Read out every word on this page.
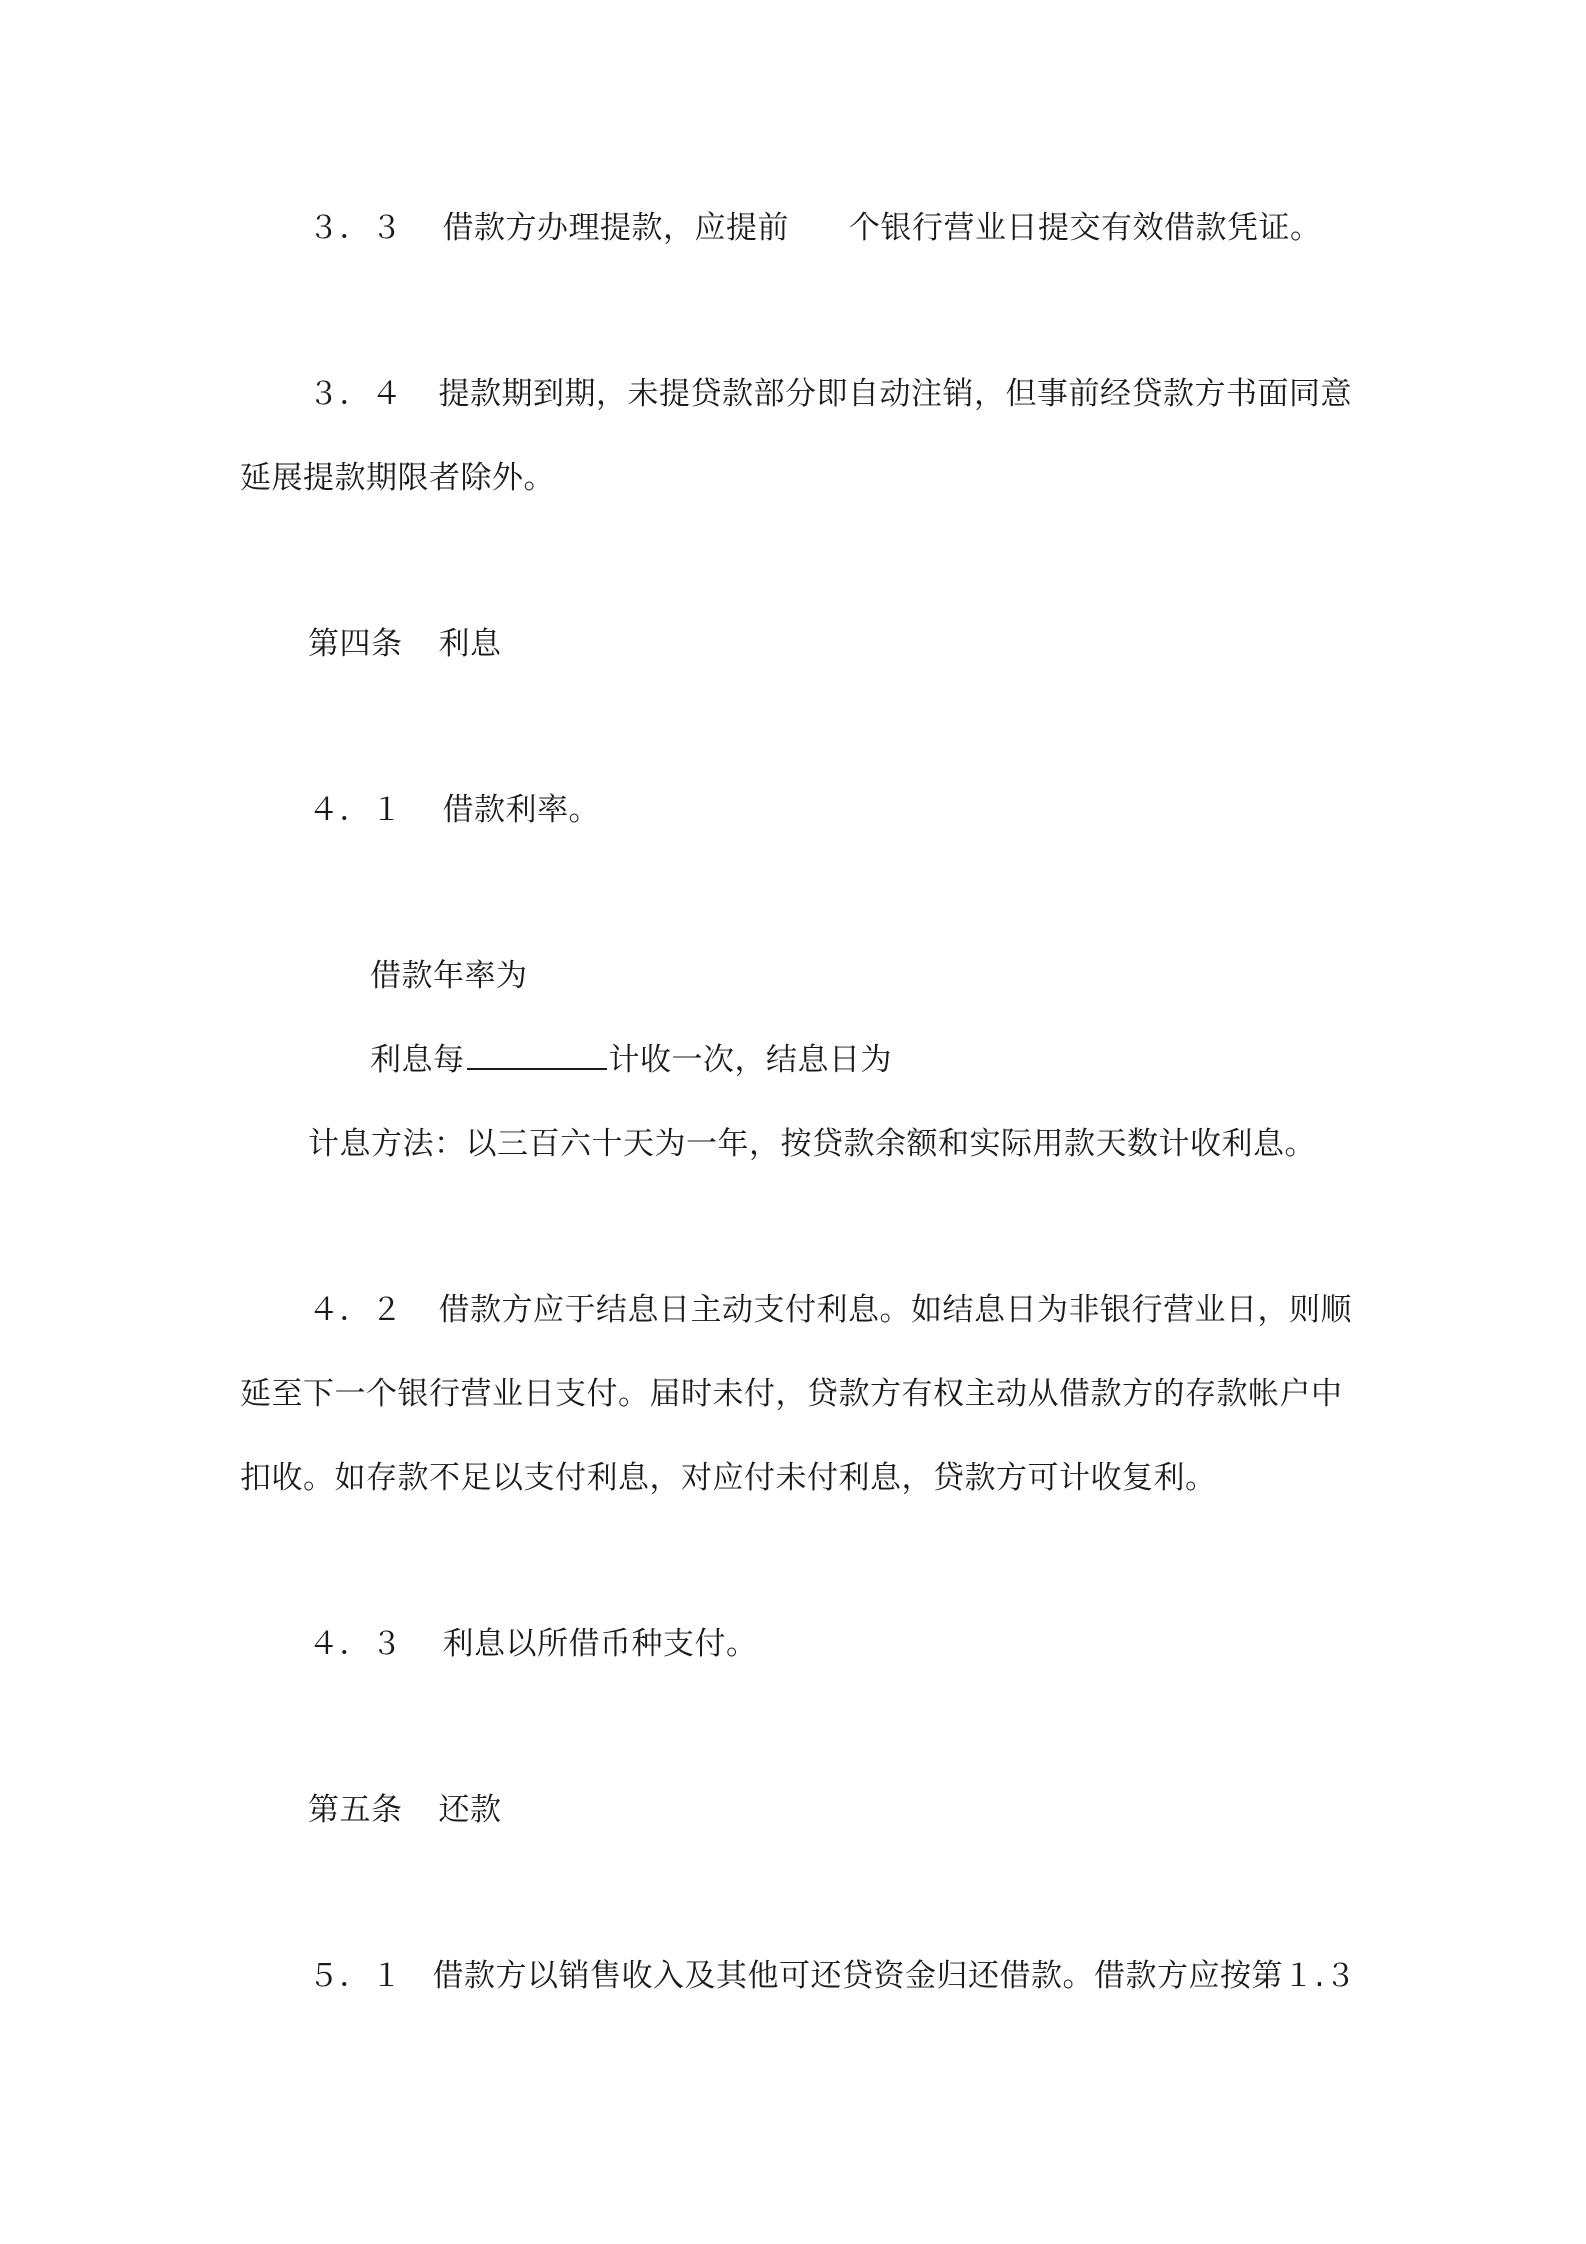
３．３ 借款方办理提款，应提前 个银行营业日提交有效借款凭证。
３．４ 提款期到期，未提贷款部分即自动注销，但事前经贷款方书面同意
延展提款期限者除外。
第四条 利息
４．１ 借款利率。
借款年率为
利息每	计收一次，结息日为
计息方法：以三百六十天为一年，按贷款余额和实际用款天数计收利息。
４．２ 借款方应于结息日主动支付利息。如结息日为非银行营业日，则顺
延至下一个银行营业日支付。届时未付，贷款方有权主动从借款方的存款帐户中
扣收。如存款不足以支付利息，对应付未付利息，贷款方可计收复利。
４．３ 利息以所借币种支付。
第五条 还款
５．１ 借款方以销售收入及其他可还贷资金归还借款。借款方应按第１.３
